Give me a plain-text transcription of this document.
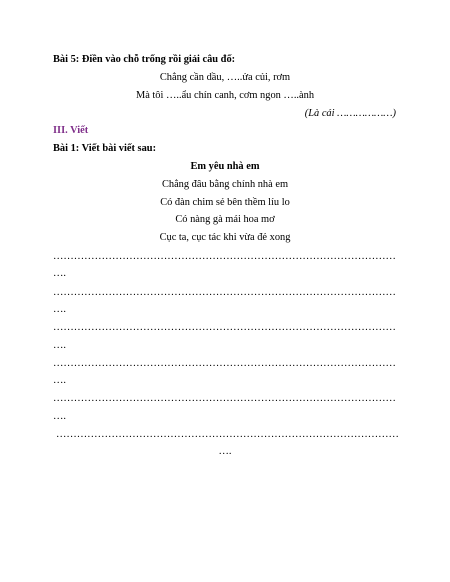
Bài 5: Điền vào chỗ trống rồi giải câu đố:
Chẳng cần dầu, …..ửa củi, rơm
Mà tôi …..ẩu chín canh, cơm ngon …..ành
(Là cái ………………)
III. Viết
Bài 1: Viết bài viết sau:
Em yêu nhà em
Chẳng đâu bằng chính nhà em
Có đàn chim sẻ bên thềm líu lo
Có nàng gà mái hoa mơ
Cục ta, cục tác khi vừa đẻ xong
………………………………………………………………………………………
….
………………………………………………………………………………………
….
………………………………………………………………………………………
….
………………………………………………………………………………………
….
………………………………………………………………………………………
….
………………………………………………………………………………………
….
